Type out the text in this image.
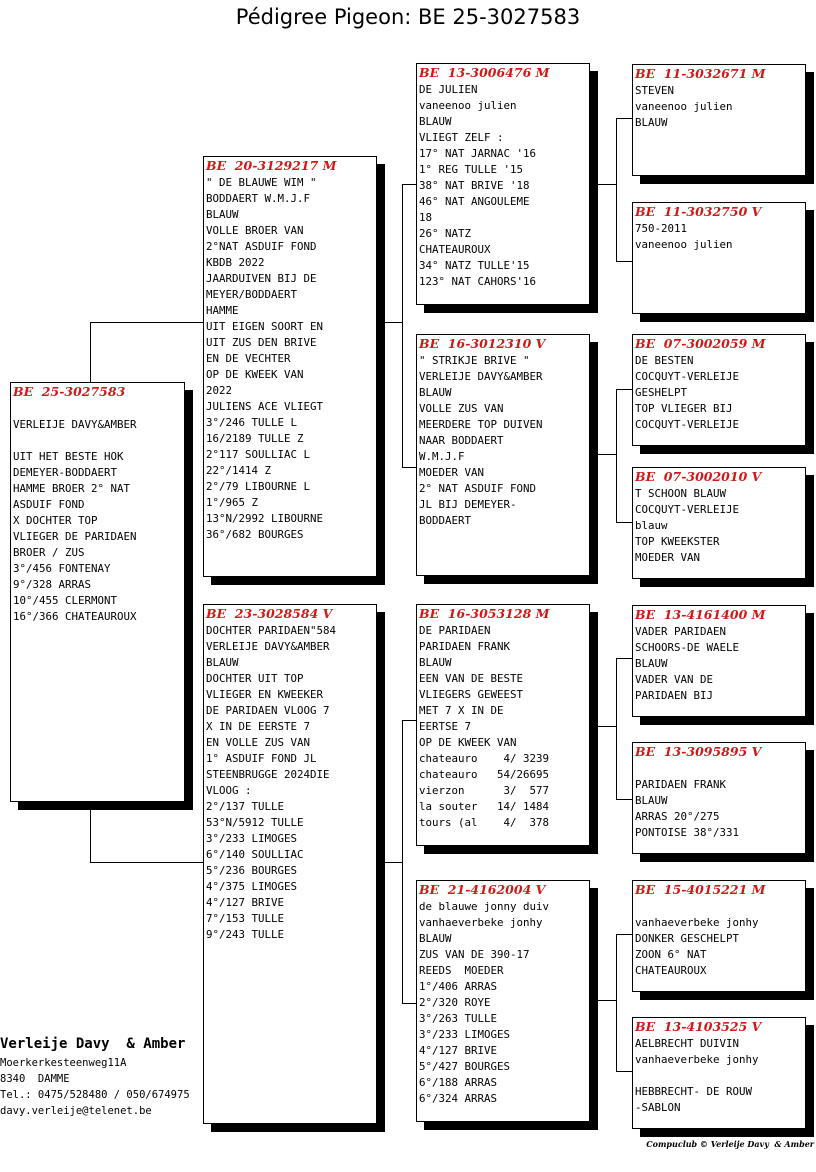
Pédigree Pigeon: BE 25-3027583
BE  25-3027583
VERLEIJE DAVY&AMBER
UIT HET BESTE HOK
DEMEYER-BODDAERT
HAMME BROER 2° NAT
ASDUIF FOND
X DOCHTER TOP
VLIEGER DE PARIDAEN
BROER / ZUS
3°/456 FONTENAY
9°/328 ARRAS
10°/455 CLERMONT
16°/366 CHATEAUROUX
BE  20-3129217 M
" DE BLAUWE WIM "
BODDAERT W.M.J.F
BLAUW
VOLLE BROER VAN
2°NAT ASDUIF FOND
KBDB 2022
JAARDUIVEN BIJ DE
MEYER/BODDAERT
HAMME
UIT EIGEN SOORT EN
UIT ZUS DEN BRIVE
EN DE VECHTER
OP DE KWEEK VAN
2022
JULIENS ACE VLIEGT
3°/246 TULLE L
16/2189 TULLE Z
2°117 SOULLIAC L
22°/1414 Z
2°/79 LIBOURNE L
1°/965 Z
13°N/2992 LIBOURNE
36°/682 BOURGES
BE  23-3028584 V
DOCHTER PARIDAEN"584
VERLEIJE DAVY&AMBER
BLAUW
DOCHTER UIT TOP
VLIEGER EN KWEEKER
DE PARIDAEN VLOOG 7
X IN DE EERSTE 7
EN VOLLE ZUS VAN
1° ASDUIF FOND JL
STEENBRUGGE 2024DIE
VLOOG :
2°/137 TULLE
53°N/5912 TULLE
3°/233 LIMOGES
6°/140 SOULLIAC
5°/236 BOURGES
4°/375 LIMOGES
4°/127 BRIVE
7°/153 TULLE
9°/243 TULLE
BE  13-3006476 M
DE JULIEN
vaneenoo julien
BLAUW
VLIEGT ZELF :
17° NAT JARNAC '16
1° REG TULLE '15
38° NAT BRIVE '18
46° NAT ANGOULEME
18
26° NATZ
CHATEAUROUX
34° NATZ TULLE'15
123° NAT CAHORS'16
BE  16-3012310 V
" STRIKJE BRIVE "
VERLEIJE DAVY&AMBER
BLAUW
VOLLE ZUS VAN
MEERDERE TOP DUIVEN
NAAR BODDAERT
W.M.J.F
MOEDER VAN
2° NAT ASDUIF FOND
JL BIJ DEMEYER-
BODDAERT
BE  16-3053128 M
DE PARIDAEN
PARIDAEN FRANK
BLAUW
EEN VAN DE BESTE
VLIEGERS GEWEEST
MET 7 X IN DE
EERTSE 7
OP DE KWEEK VAN
chateauro    4/ 3239
chateauro   54/26695
vierzon      3/  577
la souter   14/ 1484
tours (al    4/  378
BE  21-4162004 V
de blauwe jonny duiv
vanhaeverbeke jonhy
BLAUW
ZUS VAN DE 390-17
REEDS  MOEDER
1°/406 ARRAS
2°/320 ROYE
3°/263 TULLE
3°/233 LIMOGES
4°/127 BRIVE
5°/427 BOURGES
6°/188 ARRAS
6°/324 ARRAS
BE  11-3032671 M
STEVEN
vaneenoo julien
BLAUW
BE  11-3032750 V
750-2011
vaneenoo julien
BE  07-3002059 M
DE BESTEN
COCQUYT-VERLEIJE
GESHELPT
TOP VLIEGER BIJ
COCQUYT-VERLEIJE
BE  07-3002010 V
T SCHOON BLAUW
COCQUYT-VERLEIJE
blauw
TOP KWEEKSTER
MOEDER VAN
BE  13-4161400 M
VADER PARIDAEN
SCHOORS-DE WAELE
BLAUW
VADER VAN DE
PARIDAEN BIJ
BE  13-3095895 V
PARIDAEN FRANK
BLAUW
ARRAS 20°/275
PONTOISE 38°/331
BE  15-4015221 M
vanhaeverbeke jonhy
DONKER GESCHELPT
ZOON 6° NAT
CHATEAUROUX
BE  13-4103525 V
AELBRECHT DUIVIN
vanhaeverbeke jonhy
HEBBRECHT- DE ROUW
-SABLON
Verleije Davy  & Amber
Moerkerkesteenweg11A
8340  DAMME
Tel.: 0475/528480 / 050/674975
davy.verleije@telenet.be
Compuclub © Verleije Davy  & Amber
